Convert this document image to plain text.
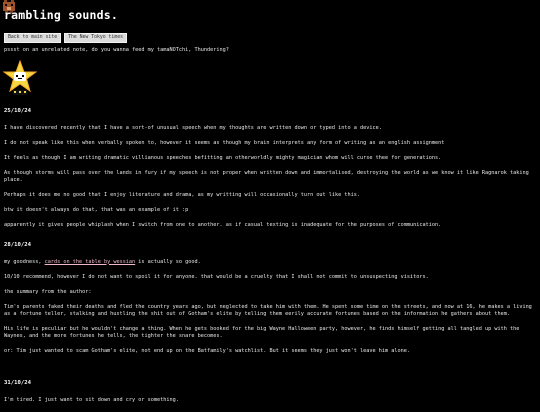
rambling sounds.
Back to main site	The New Tokyo times
pssst on an unrelated note, do you wanna feed my tamaNOTchi, Thundering?
25/10/24

I have discovered recently that I have a sort-of unusual speech when my thoughts are written down or typed into a device.

I do not speak like this when verbally spoken to, however it seems as though my brain interprets any form of writing as an english assignment

It feels as though I am writing dramatic villianous speeches befitting an otherworldly mighty magician whom will curse thee for generations.

As though storms will pass over the lands in fury if my speech is not proper when written down and immortalised, destroying the world as we know it like Ragnarok taking place.

Perhaps it does me no good that I enjoy literature and drama, as my writting will occasionally turn out like this.

btw it doesn't always do that, that was an example of it :p

apparently it gives people whiplash when I switch from one to another. as if casual texting is inadequate for the purposes of communication.

28/10/24

my goodness, cards on the table by wessian is actually so good.

10/10 recommend, however I do not want to spoil it for anyone. that would be a cruelty that I shall not commit to unsuspecting visitors.

the summary from the author:

Tim's parents faked their deaths and fled the country years ago, but neglected to take him with them. He spent some time on the streets, and now at 16, he makes a living as a fortune teller, stalking and hustling the shit out of Gotham's elite by telling them eerily accurate fortunes based on the information he gathers about them.

His life is peculiar but he wouldn't change a thing. When he gets booked for the big Wayne Halloween party, however, he finds himself getting all tangled up with the Waynes, and the more fortunes he tells, the tighter the snare becomes.

or: Tim just wanted to scam Gotham's elite, not end up on the Batfamily's watchlist. But it seems they just won't leave him alone.

31/10/24

I'm tired. I just want to sit down and cry or something.
